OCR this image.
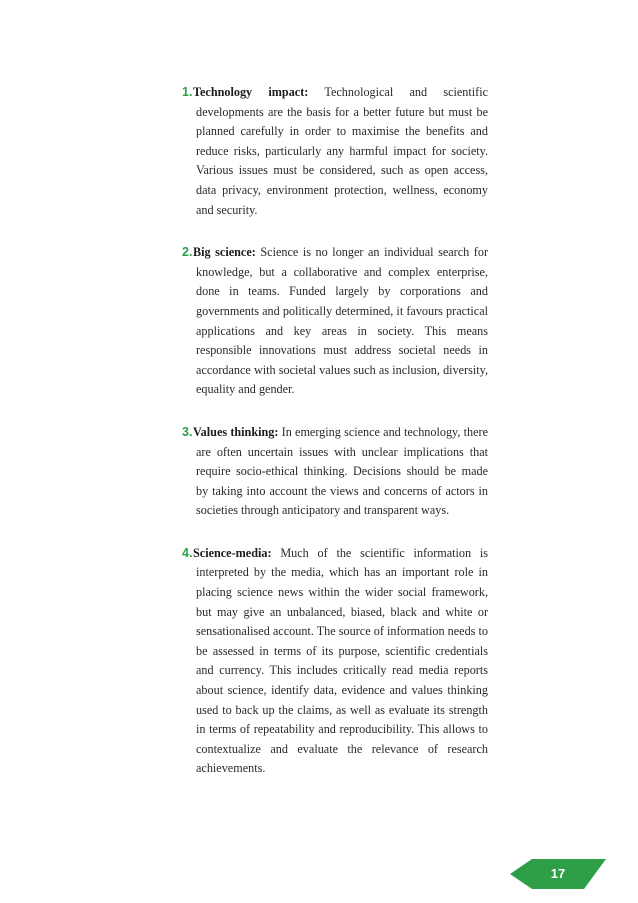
1. Technology impact: Technological and scientific developments are the basis for a better future but must be planned carefully in order to maximise the benefits and reduce risks, particularly any harmful impact for society. Various issues must be considered, such as open access, data privacy, environment protection, wellness, economy and security.

2. Big science: Science is no longer an individual search for knowledge, but a collaborative and complex enterprise, done in teams. Funded largely by corporations and governments and politically determined, it favours practical applications and key areas in society. This means responsible innovations must address societal needs in accordance with societal values such as inclusion, diversity, equality and gender.

3. Values thinking: In emerging science and technology, there are often uncertain issues with unclear implications that require socio-ethical thinking. Decisions should be made by taking into account the views and concerns of actors in societies through anticipatory and transparent ways.

4. Science-media: Much of the scientific information is interpreted by the media, which has an important role in placing science news within the wider social framework, but may give an unbalanced, biased, black and white or sensationalised account. The source of information needs to be assessed in terms of its purpose, scientific credentials and currency. This includes critically read media reports about science, identify data, evidence and values thinking used to back up the claims, as well as evaluate its strength in terms of repeatability and reproducibility. This allows to contextualize and evaluate the relevance of research achievements.

17
